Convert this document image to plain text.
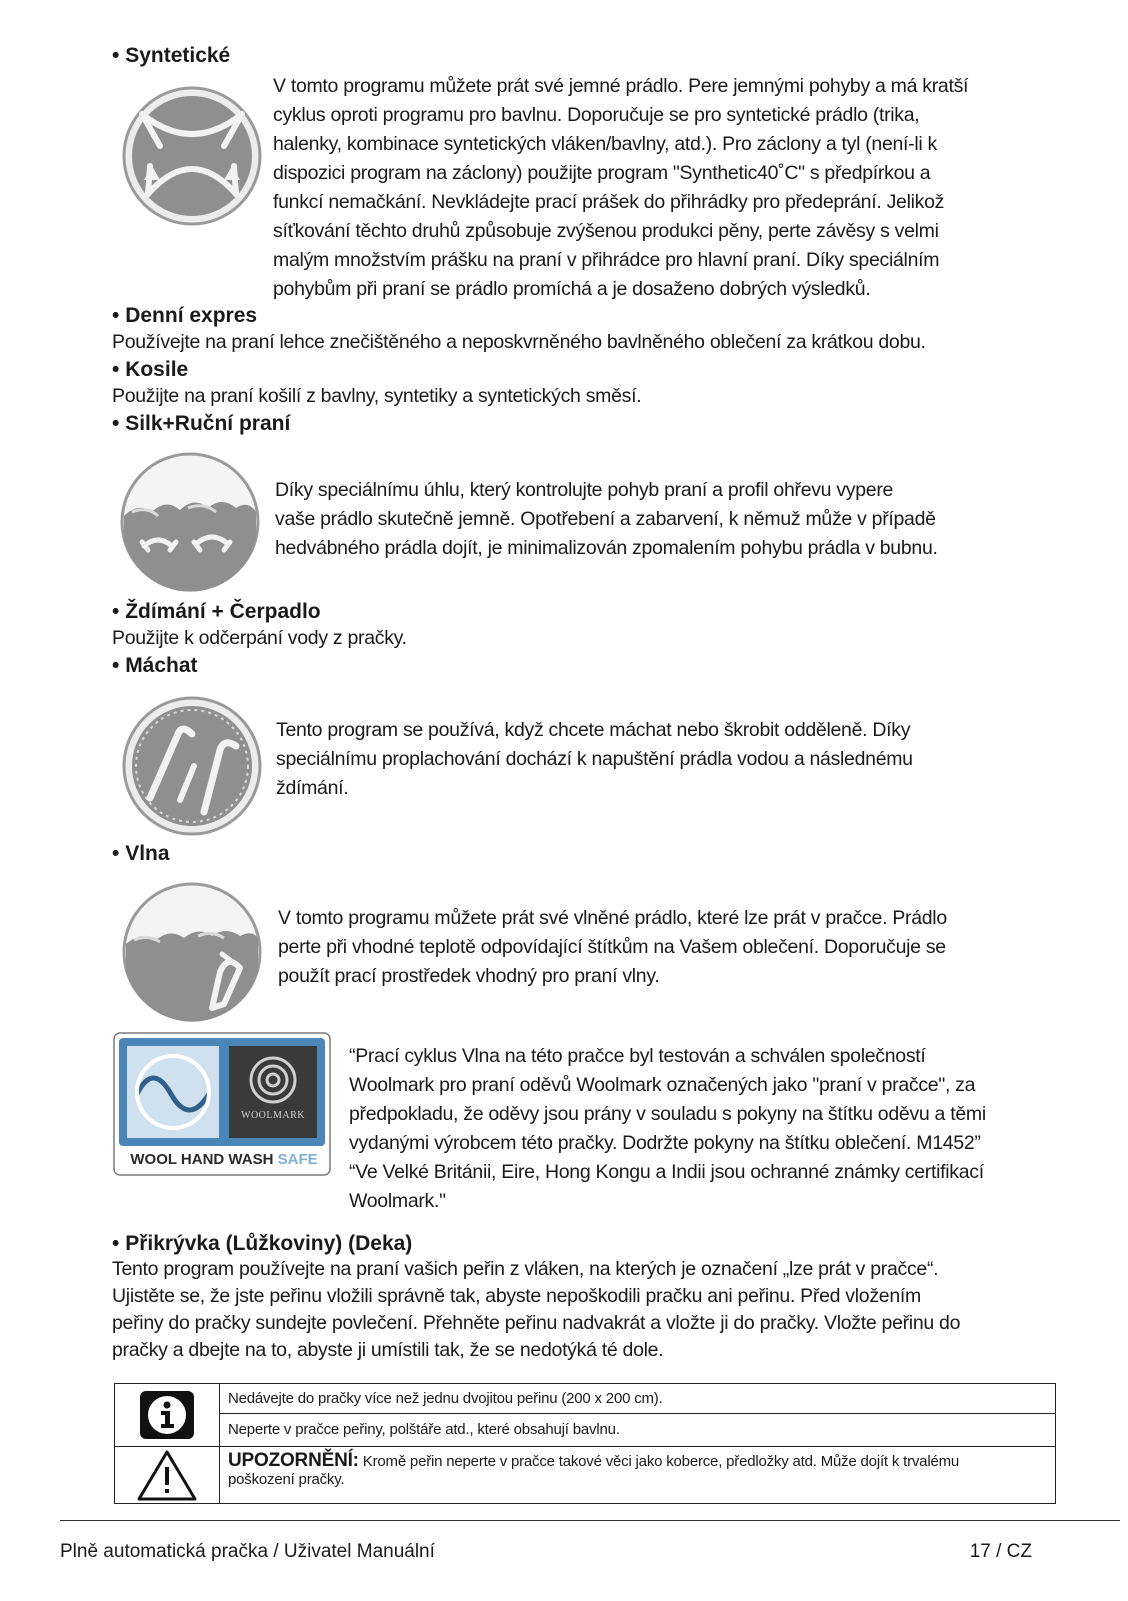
• Syntetické
V tomto programu můžete prát své jemné prádlo. Pere jemnými pohyby a má kratší
cyklus oproti programu pro bavlnu. Doporučuje se pro syntetické prádlo (trika,
halenky, kombinace syntetických vláken/bavlny, atd.). Pro záclony a tyl (není-li k
dispozici program na záclony) použijte program "Synthetic40˚C" s předpírkou a
funkcí nemačkání. Nevkládejte prací prášek do přihrádky pro předeprání. Jelikož
síťkování těchto druhů způsobuje zvýšenou produkci pěny, perte závěsy s velmi
malým množstvím prášku na praní v přihrádce pro hlavní praní. Díky speciálním
pohybům při praní se prádlo promíchá a je dosaženo dobrých výsledků.
• Denní expres
Používejte na praní lehce znečištěného a neposkvrněného bavlněného oblečení za krátkou dobu.
• Kosile
Použijte na praní košilí z bavlny, syntetiky a syntetických směsí.
• Silk+Ruční praní
Díky speciálnímu úhlu, který kontrolujte pohyb praní a profil ohřevu vypere
vaše prádlo skutečně jemně. Opotřebení a zabarvení, k němuž může v případě
hedvábného prádla dojít, je minimalizován zpomalením pohybu prádla v bubnu.
• Ždímání + Čerpadlo
Použijte k odčerpání vody z pračky.
• Máchat
Tento program se používá, když chcete máchat nebo škrobit odděleně. Díky
speciálnímu proplachování dochází k napuštění prádla vodou a následnému
ždímání.
• Vlna
V tomto programu můžete prát své vlněné prádlo, které lze prát v pračce. Prádlo
perte při vhodné teplotě odpovídající štítkům na Vašem oblečení. Doporučuje se
použít prací prostředek vhodný pro praní vlny.
WOOLMARK
WOOL HAND WASH SAFE
“Prací cyklus Vlna na této pračce byl testován a schválen společností
Woolmark pro praní oděvů Woolmark označených jako "praní v pračce", za
předpokladu, že oděvy jsou prány v souladu s pokyny na štítku oděvu a těmi
vydanými výrobcem této pračky. Dodržte pokyny na štítku oblečení. M1452”
“Ve Velké Británii, Eire, Hong Kongu a Indii jsou ochranné známky certifikací
Woolmark."
• Přikrývka (Lůžkoviny) (Deka)
Tento program používejte na praní vašich peřin z vláken, na kterých je označení „lze prát v pračce“.
Ujistěte se, že jste peřinu vložili správně tak, abyste nepoškodili pračku ani peřinu. Před vložením
peřiny do pračky sundejte povlečení. Přehněte peřinu nadvakrát a vložte ji do pračky. Vložte peřinu do
pračky a dbejte na to, abyste ji umístili tak, že se nedotýká té dole.
Nedávejte do pračky více než jednu dvojitou peřinu (200 x 200 cm).
Neperte v pračce peřiny, polštáře atd., které obsahují bavlnu.
UPOZORNĚNÍ: Kromě peřin neperte v pračce takové věci jako koberce, předložky atd. Může dojít k trvalému
poškození pračky.
Plně automatická pračka / Uživatel Manuální	17 / CZ
